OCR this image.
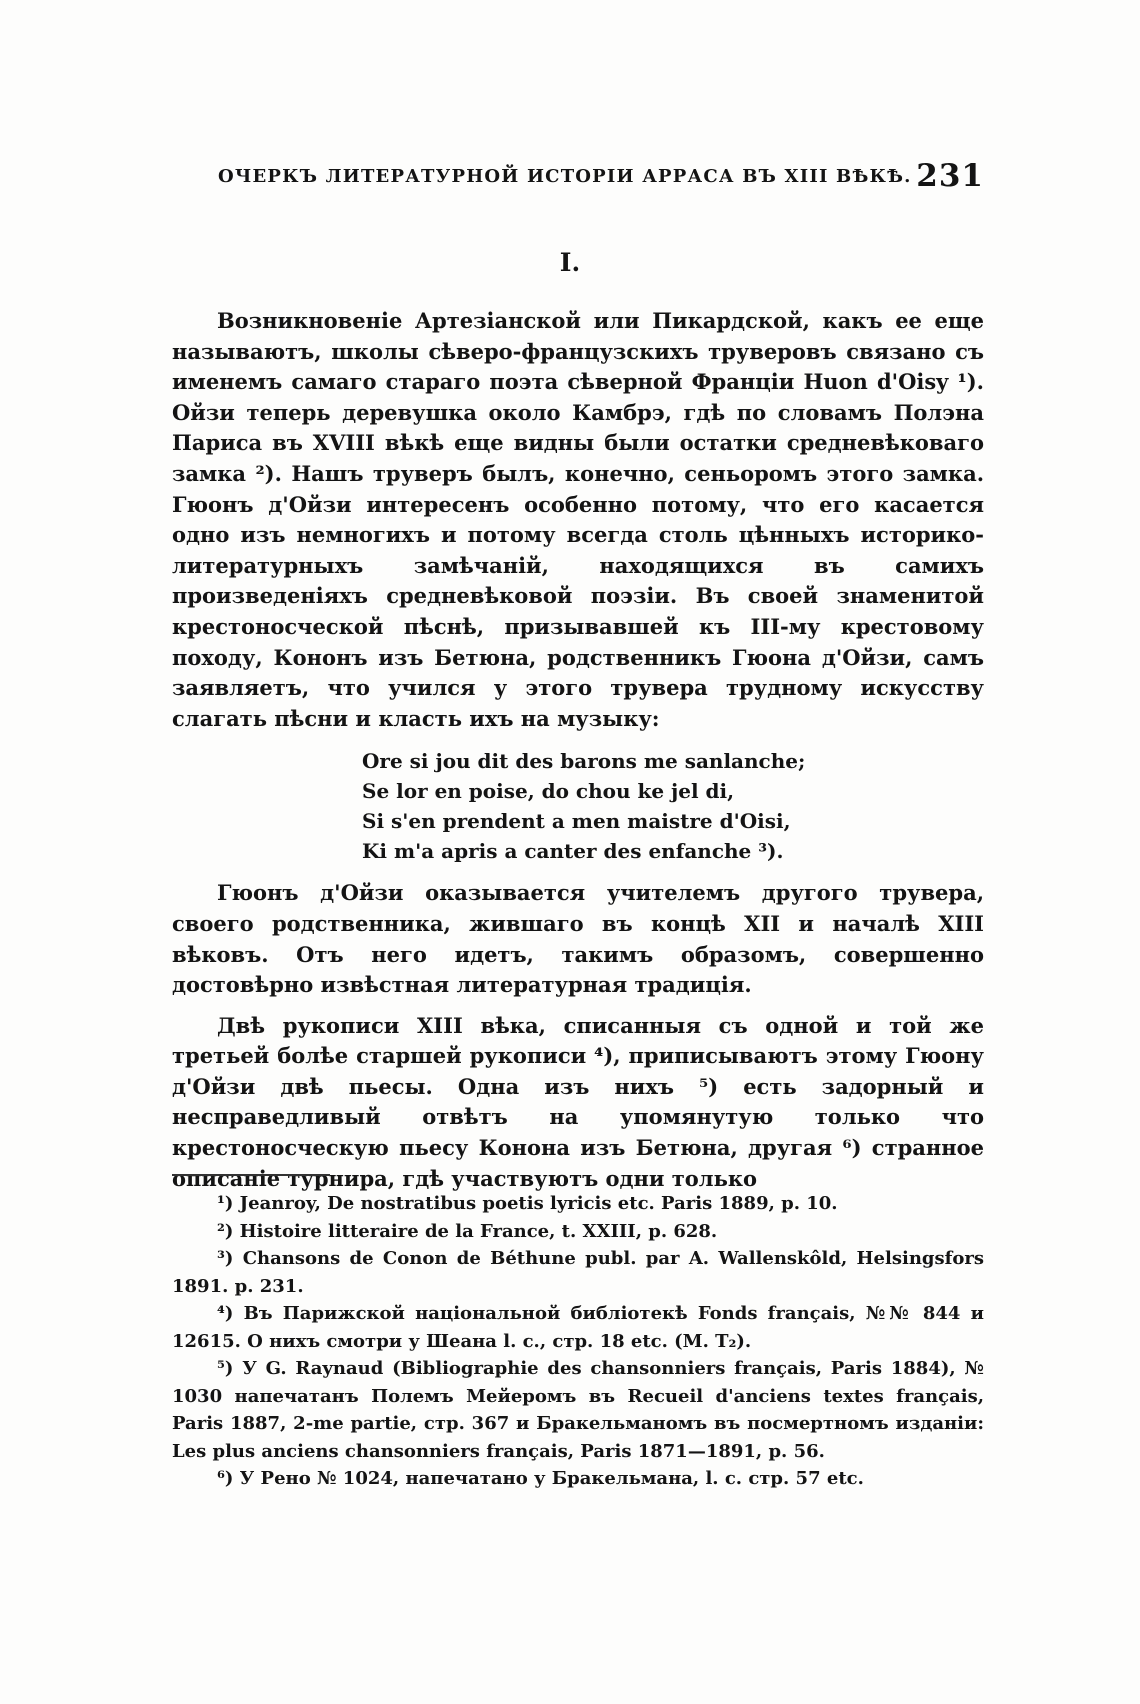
ОЧЕРКЪ ЛИТЕРАТУРНОЙ ИСТОРІИ АРРАСА ВЪ XIII ВѢКѢ. 231
I.

Возникновеніе Артезіанской или Пикардской, какъ ее еще называютъ, школы сѣверо-французскихъ труверовъ связано съ именемъ самаго стараго поэта сѣверной Франціи Huon d'Oisy ¹). Ойзи теперь деревушка около Камбрэ, гдѣ по словамъ Полэна Париса въ XVIII вѣкѣ еще видны были остатки средневѣковаго замка ²). Нашъ труверъ былъ, конечно, сеньоромъ этого замка. Гюонъ д'Ойзи интересенъ особенно потому, что его касается одно изъ немногихъ и потому всегда столь цѣнныхъ историко-литературныхъ замѣчаній, находящихся въ самихъ произведеніяхъ средневѣковой поэзіи. Въ своей знаменитой крестоносческой пѣснѣ, призывавшей къ III-му крестовому походу, Кононъ изъ Бетюна, родственникъ Гюона д'Ойзи, самъ заявляетъ, что учился у этого трувера трудному искусству слагать пѣсни и класть ихъ на музыку:

Ore si jou dit des barons me sanlanche;
Se lor en poise, do chou ke jel di,
Si s'en prendent a men maistre d'Oisi,
Ki m'a apris a canter des enfanche ³).

Гюонъ д'Ойзи оказывается учителемъ другого трувера, своего родственника, жившаго въ концѣ XII и началѣ XIII вѣковъ. Отъ него идетъ, такимъ образомъ, совершенно достовѣрно извѣстная литературная традиція.

Двѣ рукописи XIII вѣка, списанныя съ одной и той же третьей болѣе старшей рукописи ⁴), приписываютъ этому Гюону д'Ойзи двѣ пьесы. Одна изъ нихъ ⁵) есть задорный и несправедливый отвѣтъ на упомянутую только что крестоносческую пьесу Конона изъ Бетюна, другая ⁶) странное описаніе турнира, гдѣ участвуютъ одни только

¹) Jeanroy, De nostratibus poetis lyricis etc. Paris 1889, p. 10.

²) Histoire litteraire de la France, t. XXIII, p. 628.

³) Chansons de Conon de Béthune publ. par A. Wallenskôld, Helsingsfors 1891. p. 231.

⁴) Въ Парижской національной библіотекѣ Fonds français, №№ 844 и 12615. О нихъ смотри у Шеана l. c., стр. 18 etc. (M. T₂).

⁵) У G. Raynaud (Bibliographie des chansonniers français, Paris 1884), № 1030 напечатанъ Полемъ Мейеромъ въ Recueil d'anciens textes français, Paris 1887, 2-me partie, стр. 367 и Бракельманомъ въ посмертномъ изданіи: Les plus anciens chansonniers français, Paris 1871—1891, p. 56.

⁶) У Рено № 1024, напечатано у Бракельмана, l. c. стр. 57 etc.
